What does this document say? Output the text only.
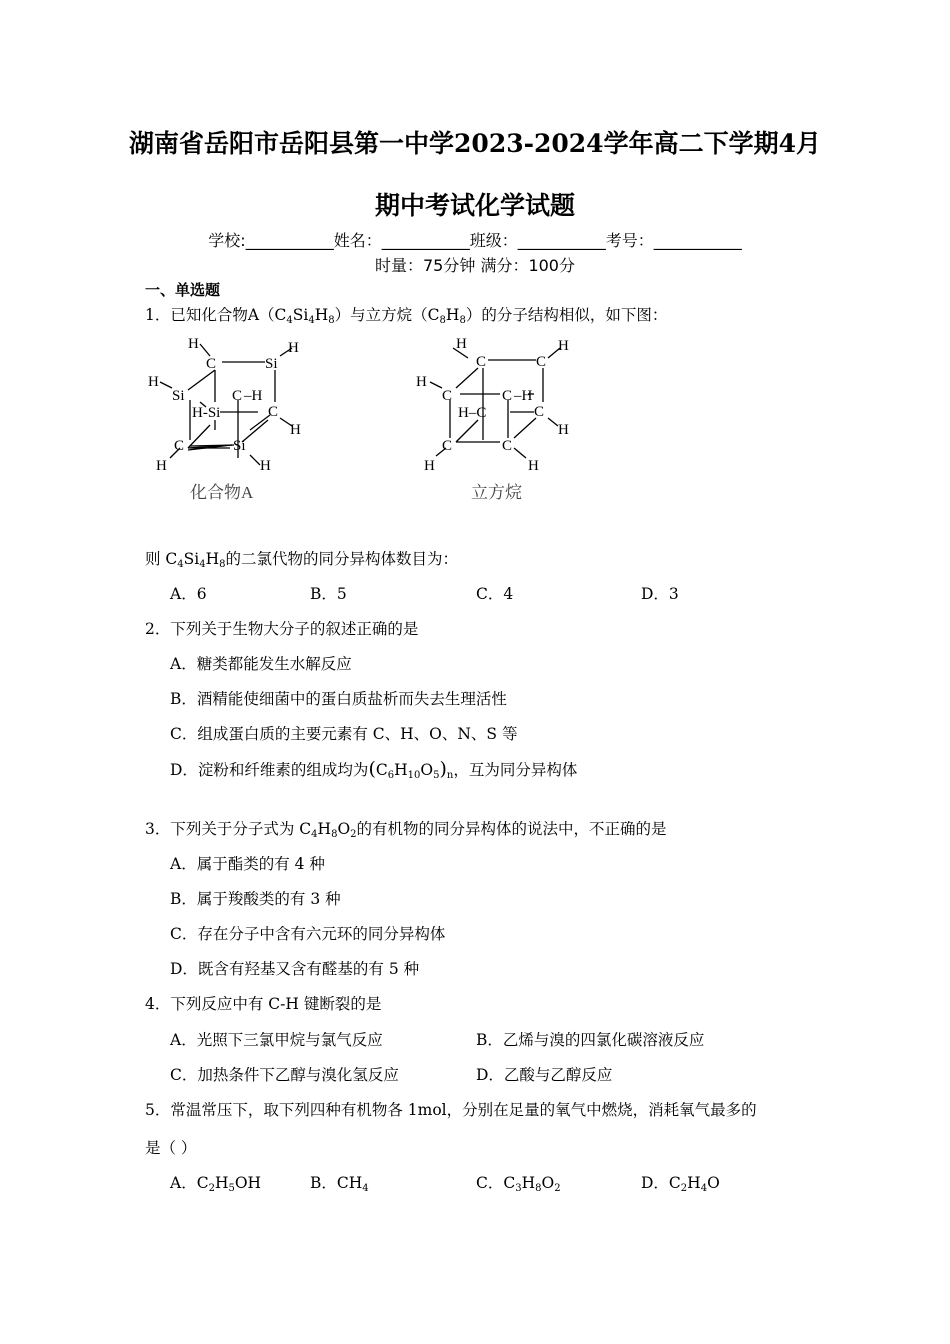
湖南省岳阳市岳阳县第一中学2023-2024学年高二下学期4月
期中考试化学试题
学校:___________姓名：___________班级：___________考号：___________
时量：75分钟 满分：100分
一、单选题
1．已知化合物$A(C_4Si_4H_8)$与立方烷$(C_8H_8)$的分子结构相似，如下图：
H
C	Si
H
H
Si	C –H
H-Si	C
H
C	Si
H	H
化合物A
H
C	C
H
H
C	C –H
H–C	C
H
C	C
H	H
立方烷
则 $C_4Si_4H_8$的二氯代物的同分异构体数目为：
A．6	B．5	C．4	D．3
2．下列关于生物大分子的叙述正确的是
A．糖类都能发生水解反应
B．酒精能使细菌中的蛋白质盐析而失去生理活性
C．组成蛋白质的主要元素有 C、H、O、N、S 等
D．淀粉和纤维素的组成均为$(C_6H_{10}O_5)_n$，互为同分异构体
3．下列关于分子式为 $C_4H_8O_2$的有机物的同分异构体的说法中，不正确的是
A．属于酯类的有 4 种
B．属于羧酸类的有 3 种
C．存在分子中含有六元环的同分异构体
D．既含有羟基又含有醛基的有 5 种
4．下列反应中有 C-H 键断裂的是
A．光照下三氯甲烷与氯气反应	B．乙烯与溴的四氯化碳溶液反应
C．加热条件下乙醇与溴化氢反应	D．乙酸与乙醇反应
5．常温常压下，取下列四种有机物各 1mol，分别在足量的氧气中燃烧，消耗氧气最多的
是（ ）
A．$C_2H_5OH$	B．$CH_4$	C．$C_3H_8O_2$	D．$C_2H_4O$
